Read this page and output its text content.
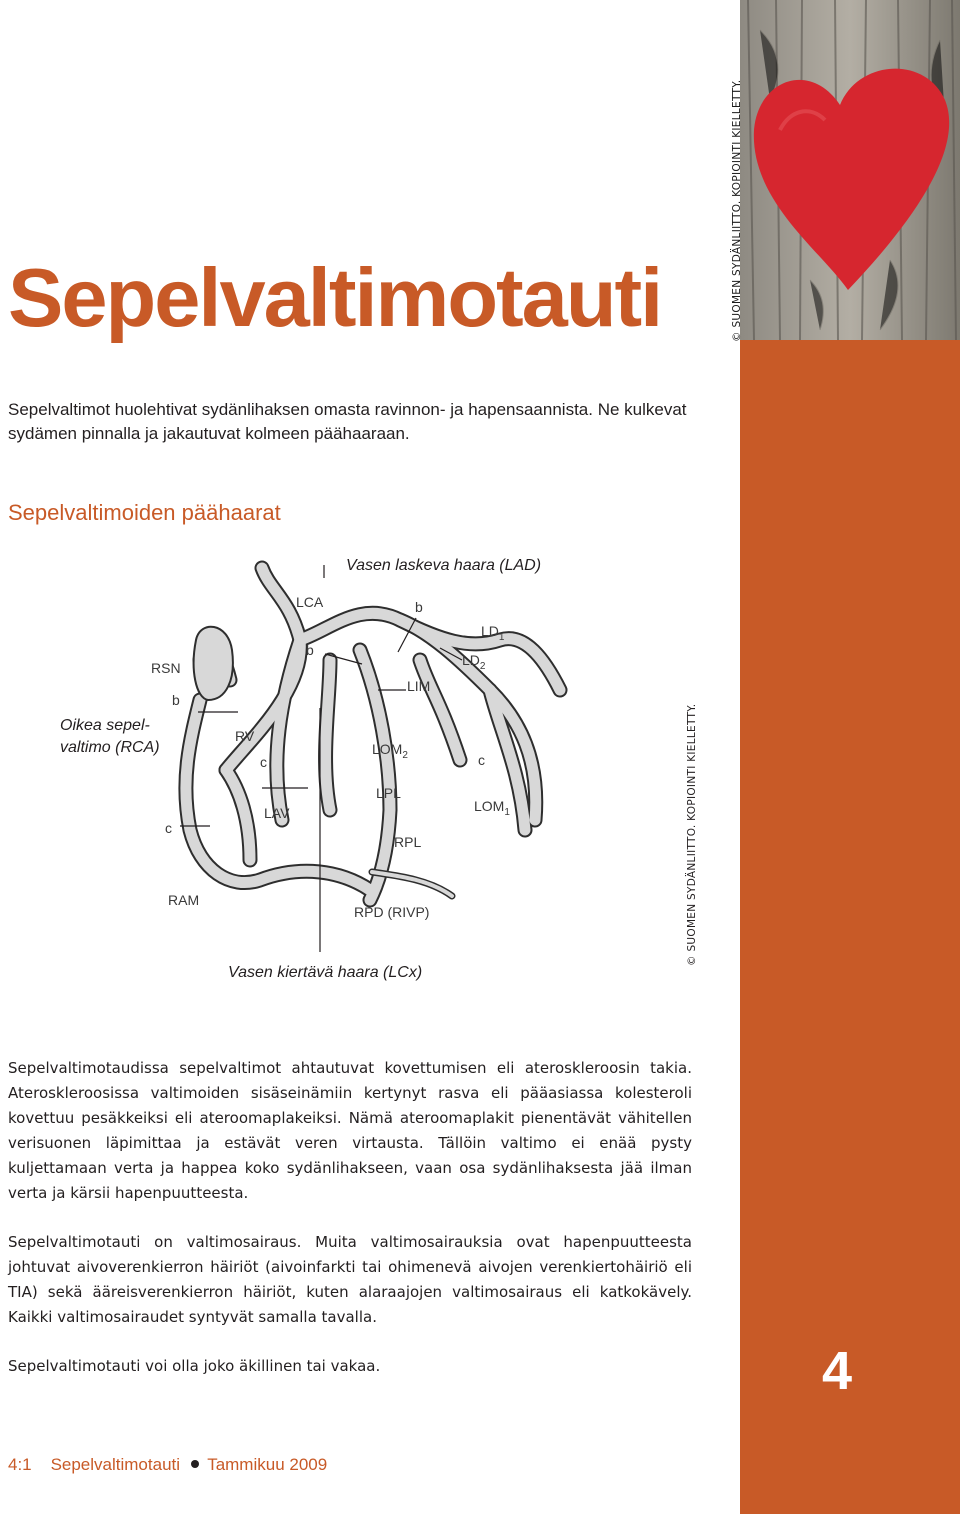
© SUOMEN SYDÄNLIITTO. KOPIOINTI KIELLETTY.
Sepelvaltimotauti

Sepelvaltimot huolehtivat sydänlihaksen omasta ravinnon- ja hapensaannista. Ne kulkevat

sydämen pinnalla ja jakautuvat kolmeen päähaaraan.

Sepelvaltimoiden päähaarat
Vasen laskeva haara (LAD)
LCA	b
$LD_1$
$LD_2$
RSN
b
LIM
b
Oikea sepel-
valtimo (RCA)
RV
$LOM_2$	c
c
LPL
$LOM_1$
c
LAV
RPL
RAM
RPD (RIVP)
Vasen kiertävä haara (LCx)
© SUOMEN SYDÄNLIITTO. KOPIOINTI KIELLETTY.

Sepelvaltimotaudissa sepelvaltimot ahtautuvat kovettumisen eli ateroskleroosin takia. Ateroskleroosissa valtimoiden sisäseinämiin kertynyt rasva eli pääasiassa kolesteroli kovettuu pesäkkeiksi eli ateroomaplakeiksi. Nämä ateroomaplakit pienentävät vähitellen verisuonen läpimittaa ja estävät veren virtausta. Tällöin valtimo ei enää pysty kuljettamaan verta ja happea koko sydänlihakseen, vaan osa sydänlihaksesta jää ilman verta ja kärsii hapenpuutteesta.

Sepelvaltimotauti on valtimosairaus. Muita valtimosairauksia ovat hapenpuutteesta johtuvat aivoverenkierron häiriöt (aivoinfarkti tai ohimenevä aivojen verenkiertohäiriö eli TIA) sekä ääreisverenkierron häiriöt, kuten alaraajojen valtimosairaus eli katkokävely. Kaikki valtimosairaudet syntyvät samalla tavalla.

Sepelvaltimotauti voi olla joko äkillinen tai vakaa.	4
4:1 Sepelvaltimotauti Tammikuu 2009
